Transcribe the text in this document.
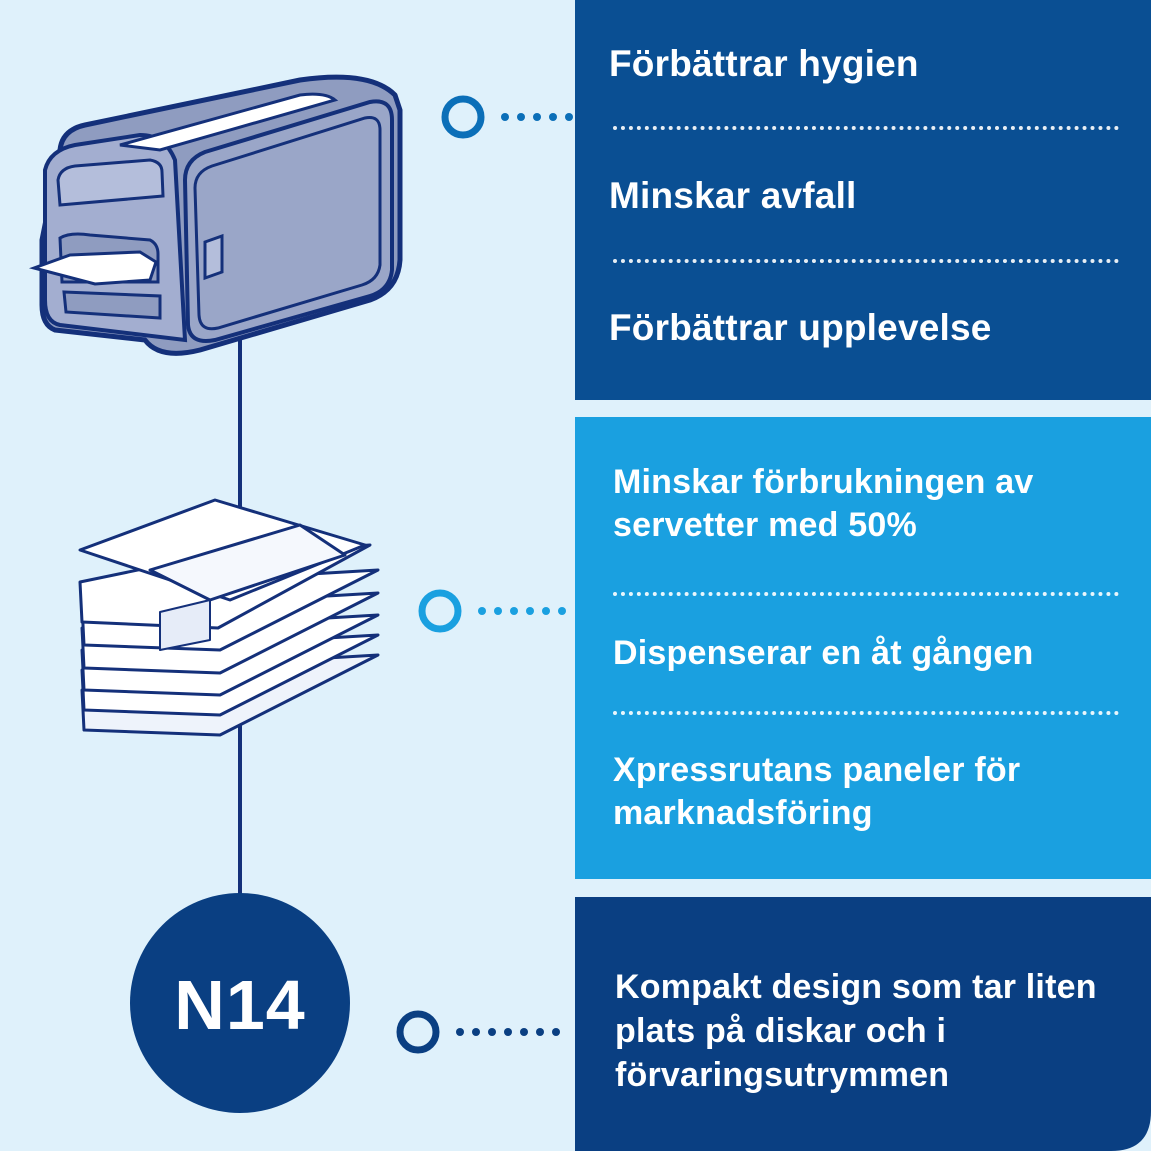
N14
Förbättrar hygien
Minskar avfall
Förbättrar upplevelse
Minskar förbrukningen av servetter med 50%
Dispenserar en åt gången
Xpressrutans paneler för marknadsföring
Kompakt design som tar liten plats på diskar och i förvaringsutrymmen
